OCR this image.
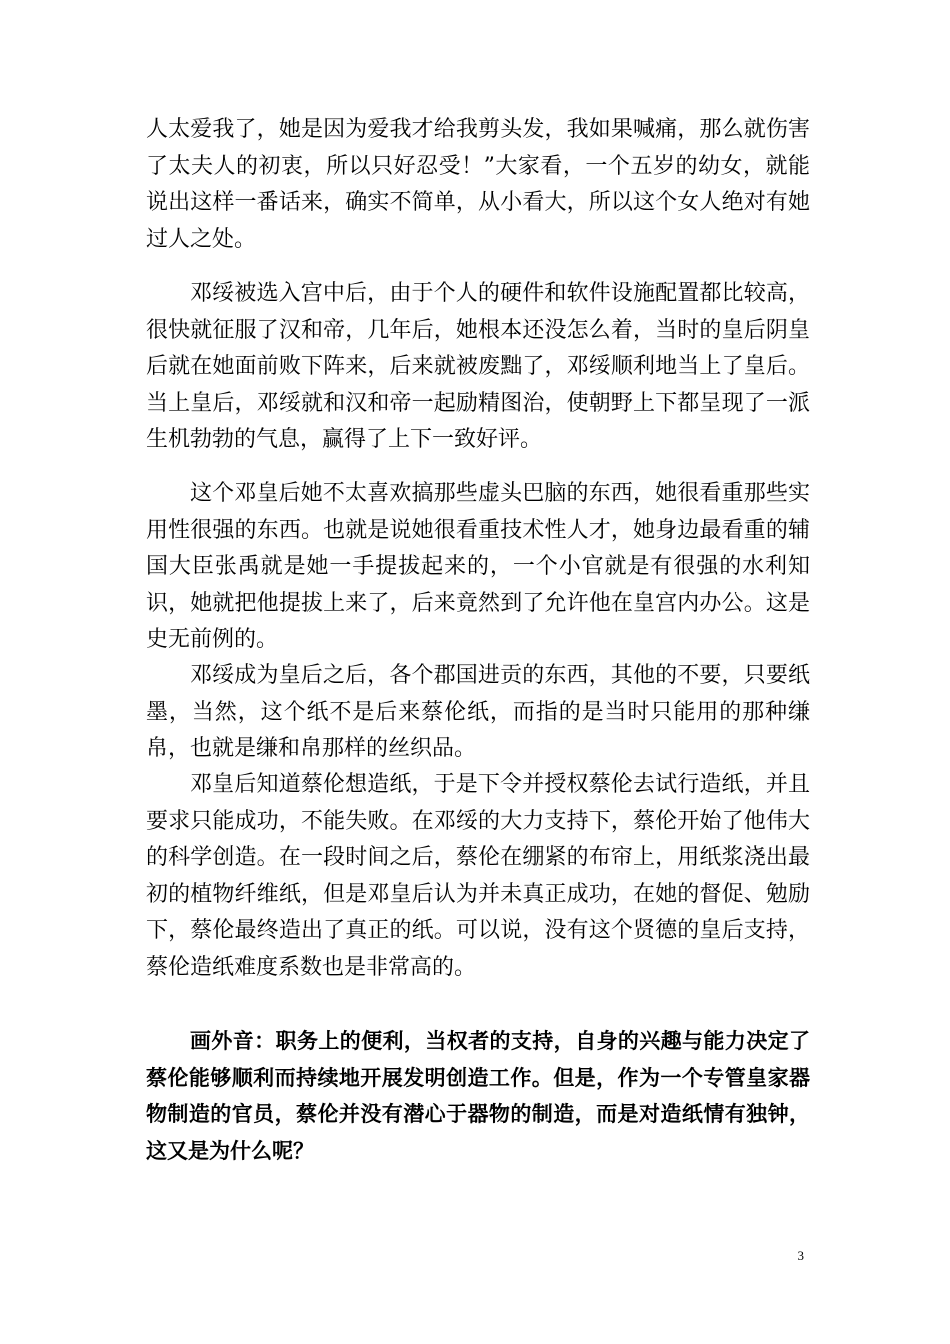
人太爱我了，她是因为爱我才给我剪头发，我如果喊痛，那么就伤害了太夫人的初衷，所以只好忍受！”大家看，一个五岁的幼女，就能说出这样一番话来，确实不简单，从小看大，所以这个女人绝对有她过人之处。

邓绥被选入宫中后，由于个人的硬件和软件设施配置都比较高，很快就征服了汉和帝，几年后，她根本还没怎么着，当时的皇后阴皇后就在她面前败下阵来，后来就被废黜了，邓绥顺利地当上了皇后。当上皇后，邓绥就和汉和帝一起励精图治，使朝野上下都呈现了一派生机勃勃的气息，赢得了上下一致好评。

这个邓皇后她不太喜欢搞那些虚头巴脑的东西，她很看重那些实用性很强的东西。也就是说她很看重技术性人才，她身边最看重的辅国大臣张禹就是她一手提拔起来的，一个小官就是有很强的水利知识，她就把他提拔上来了，后来竟然到了允许他在皇宫内办公。这是史无前例的。

邓绥成为皇后之后，各个郡国进贡的东西，其他的不要，只要纸墨，当然，这个纸不是后来蔡伦纸，而指的是当时只能用的那种缣帛，也就是缣和帛那样的丝织品。

邓皇后知道蔡伦想造纸，于是下令并授权蔡伦去试行造纸，并且要求只能成功，不能失败。在邓绥的大力支持下，蔡伦开始了他伟大的科学创造。在一段时间之后，蔡伦在绷紧的布帘上，用纸浆浇出最初的植物纤维纸，但是邓皇后认为并未真正成功，在她的督促、勉励下，蔡伦最终造出了真正的纸。可以说，没有这个贤德的皇后支持，蔡伦造纸难度系数也是非常高的。

画外音：职务上的便利，当权者的支持，自身的兴趣与能力决定了蔡伦能够顺利而持续地开展发明创造工作。但是，作为一个专管皇家器物制造的官员，蔡伦并没有潜心于器物的制造，而是对造纸情有独钟，这又是为什么呢？

3
